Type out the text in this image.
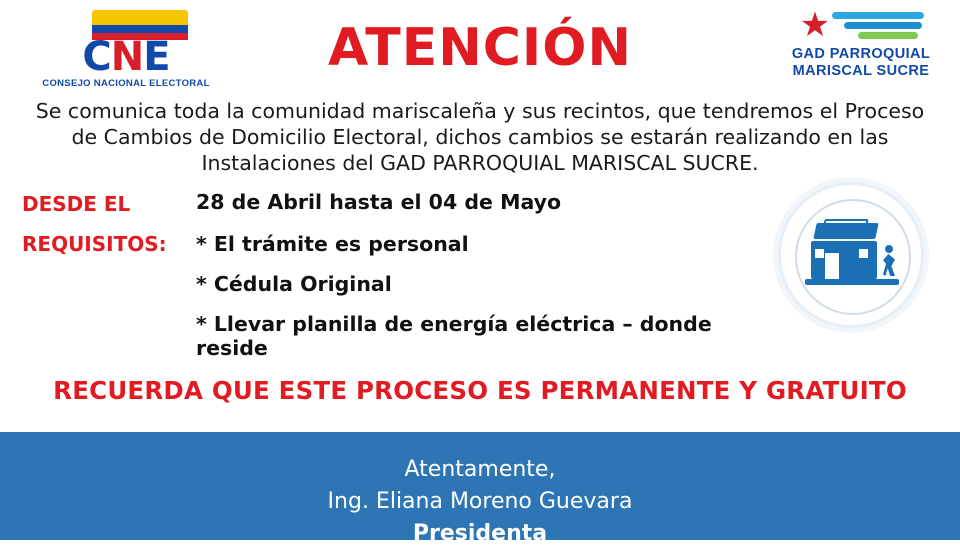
CNE
CONSEJO NACIONAL ELECTORAL
ATENCIÓN	★
GAD PARROQUIAL
MARISCAL SUCRE
Se comunica toda la comunidad mariscaleña y sus recintos, que tendremos el Proceso de Cambios de Domicilio Electoral, dichos cambios se estarán realizando en las Instalaciones del GAD PARROQUIAL MARISCAL SUCRE.
DESDE EL
REQUISITOS:
28 de Abril hasta el 04 de Mayo
* El trámite es personal
* Cédula Original
* Llevar planilla de energía eléctrica – donde reside
RECUERDA QUE ESTE PROCESO ES PERMANENTE Y GRATUITO
Atentamente,
Ing. Eliana Moreno Guevara
Presidenta
